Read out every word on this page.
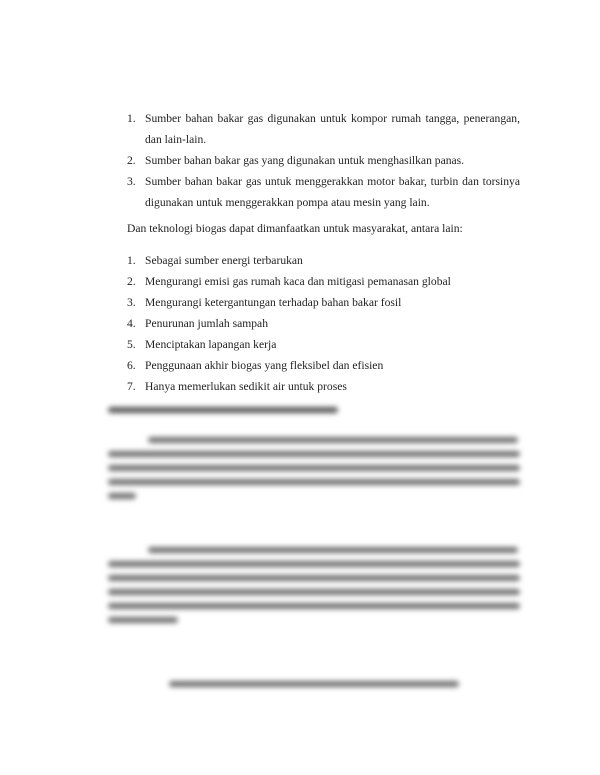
1. Sumber bahan bakar gas digunakan untuk kompor rumah tangga, penerangan, dan lain-lain.
2. Sumber bahan bakar gas yang digunakan untuk menghasilkan panas.
3. Sumber bahan bakar gas untuk menggerakkan motor bakar, turbin dan torsinya digunakan untuk menggerakkan pompa atau mesin yang lain.
Dan teknologi biogas dapat dimanfaatkan untuk masyarakat, antara lain:
1. Sebagai sumber energi terbarukan
2. Mengurangi emisi gas rumah kaca dan mitigasi pemanasan global
3. Mengurangi ketergantungan terhadap bahan bakar fosil
4. Penurunan jumlah sampah
5. Menciptakan lapangan kerja
6. Penggunaan akhir biogas yang fleksibel dan efisien
7. Hanya memerlukan sedikit air untuk proses
